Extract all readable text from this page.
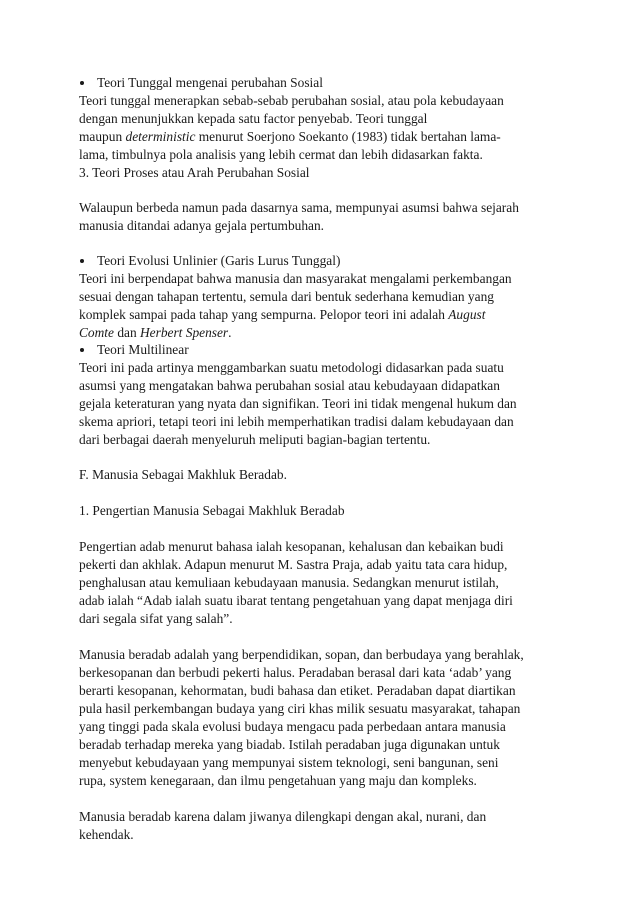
Teori Tunggal mengenai perubahan Sosial
Teori tunggal menerapkan sebab-sebab perubahan sosial, atau pola kebudayaan
dengan menunjukkan kepada satu factor penyebab. Teori tunggal
maupun deterministic menurut Soerjono Soekanto (1983) tidak bertahan lama-
lama, timbulnya pola analisis yang lebih cermat dan lebih didasarkan fakta.
3. Teori Proses atau Arah Perubahan Sosial
Walaupun berbeda namun pada dasarnya sama, mempunyai asumsi bahwa sejarah
manusia ditandai adanya gejala pertumbuhan.
Teori Evolusi Unlinier (Garis Lurus Tunggal)
Teori ini berpendapat bahwa manusia dan masyarakat mengalami perkembangan
sesuai dengan tahapan tertentu, semula dari bentuk sederhana kemudian yang
komplek sampai pada tahap yang sempurna. Pelopor teori ini adalah August
Comte dan Herbert Spenser.
Teori Multilinear
Teori ini pada artinya menggambarkan suatu metodologi didasarkan pada suatu
asumsi yang mengatakan bahwa perubahan sosial atau kebudayaan didapatkan
gejala keteraturan yang nyata dan signifikan. Teori ini tidak mengenal hukum dan
skema apriori, tetapi teori ini lebih memperhatikan tradisi dalam kebudayaan dan
dari berbagai daerah menyeluruh meliputi bagian-bagian tertentu.
F. Manusia Sebagai Makhluk Beradab.
1. Pengertian Manusia Sebagai Makhluk Beradab
Pengertian adab menurut bahasa ialah kesopanan, kehalusan dan kebaikan budi
pekerti dan akhlak. Adapun menurut M. Sastra Praja, adab yaitu tata cara hidup,
penghalusan atau kemuliaan kebudayaan manusia. Sedangkan menurut istilah,
adab ialah “Adab ialah suatu ibarat tentang pengetahuan yang dapat menjaga diri
dari segala sifat yang salah”.
Manusia beradab adalah yang berpendidikan, sopan, dan berbudaya yang berahlak,
berkesopanan dan berbudi pekerti halus. Peradaban berasal dari kata ‘adab’ yang
berarti kesopanan, kehormatan, budi bahasa dan etiket. Peradaban dapat diartikan
pula hasil perkembangan budaya yang ciri khas milik sesuatu masyarakat, tahapan
yang tinggi pada skala evolusi budaya mengacu pada perbedaan antara manusia
beradab terhadap mereka yang biadab. Istilah peradaban juga digunakan untuk
menyebut kebudayaan yang mempunyai sistem teknologi, seni bangunan, seni
rupa, system kenegaraan, dan ilmu pengetahuan yang maju dan kompleks.
Manusia beradab karena dalam jiwanya dilengkapi dengan akal, nurani, dan
kehendak.
